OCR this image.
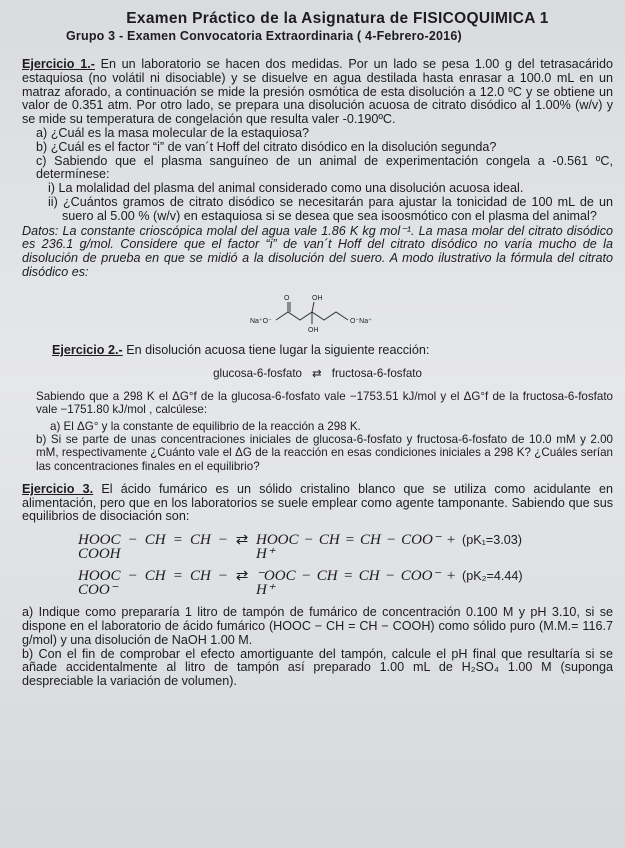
Examen Práctico de la Asignatura de FISICOQUIMICA 1
Grupo 3 - Examen Convocatoria Extraordinaria ( 4-Febrero-2016)

Ejercicio 1.- En un laboratorio se hacen dos medidas. Por un lado se pesa 1.00 g del tetrasacárido estaquiosa (no volátil ni disociable) y se disuelve en agua destilada hasta enrasar a 100.0 mL en un matraz aforado, a continuación se mide la presión osmótica de esta disolución a 12.0 ºC y se obtiene un valor de 0.351 atm. Por otro lado, se prepara una disolución acuosa de citrato disódico al 1.00% (w/v) y se mide su temperatura de congelación que resulta valer -0.190ºC.

a) ¿Cuál es la masa molecular de la estaquiosa?

b) ¿Cuál es el factor “i” de van´t Hoff del citrato disódico en la disolución segunda?

c) Sabiendo que el plasma sanguíneo de un animal de experimentación congela a -0.561 ºC, determínese:

i) La molalidad del plasma del animal considerado como una disolución acuosa ideal.

ii) ¿Cuántos gramos de citrato disódico se necesitarán para ajustar la tonicidad de 100 mL de un suero al 5.00 % (w/v) en estaquiosa si se desea que sea isoosmótico con el plasma del animal?

Datos: La constante crioscópica molal del agua vale 1.86 K kg mol⁻¹. La masa molar del citrato disódico es 236.1 g/mol. Considere que el factor “i” de van´t Hoff del citrato disódico no varía mucho de la disolución de prueba en que se midió a la disolución del suero. A modo ilustrativo la fórmula del citrato disódico es:

Na⁺O⁻
O	OH
OH
O⁻Na⁺

Ejercicio 2.- En disolución acuosa tiene lugar la siguiente reacción:

glucosa-6-fosfato ⇄ fructosa-6-fosfato

Sabiendo que a 298 K el ΔG°f de la glucosa-6-fosfato vale −1753.51 kJ/mol y el ΔG°f de la fructosa-6-fosfato vale −1751.80 kJ/mol , calcúlese:

a) El ΔG° y la constante de equilibrio de la reacción a 298 K.

b) Si se parte de unas concentraciones iniciales de glucosa-6-fosfato y fructosa-6-fosfato de 10.0 mM y 2.00 mM, respectivamente ¿Cuánto vale el ΔG de la reacción en esas condiciones iniciales a 298 K? ¿Cuáles serían las concentraciones finales en el equilibrio?

Ejercicio 3. El ácido fumárico es un sólido cristalino blanco que se utiliza como acidulante en alimentación, pero que en los laboratorios se suele emplear como agente tamponante. Sabiendo que sus equilibrios de disociación son:

HOOC − CH = CH − COOH
⇄ HOOC − CH = CH − COO⁻ + H⁺
(pK₁=3.03)
HOOC − CH = CH − COO⁻
⇄ ⁻OOC − CH = CH − COO⁻ + H⁺
(pK₂=4.44)

a) Indique como prepararía 1 litro de tampón de fumárico de concentración 0.100 M y pH 3.10, si se dispone en el laboratorio de ácido fumárico (HOOC − CH = CH − COOH) como sólido puro (M.M.= 116.7 g/mol) y una disolución de NaOH 1.00 M.

b) Con el fin de comprobar el efecto amortiguante del tampón, calcule el pH final que resultaría si se añade accidentalmente al litro de tampón así preparado 1.00 mL de H₂SO₄ 1.00 M (suponga despreciable la variación de volumen).
